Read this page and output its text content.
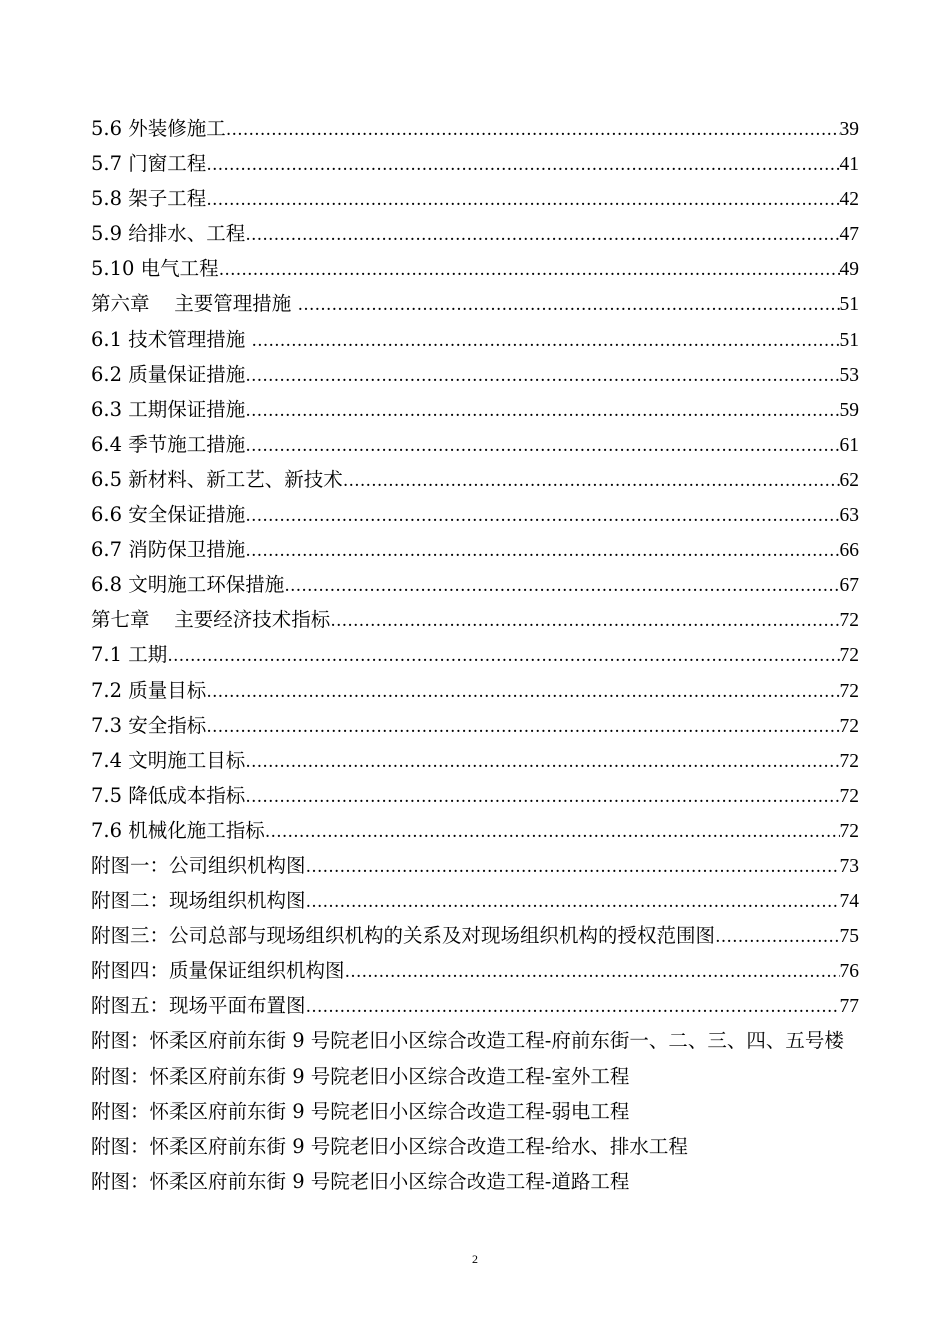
5.6 外装修施工 …………………………………………………………………………………………………………………………………………………………………………………………………………	39
5.7 门窗工程 …………………………………………………………………………………………………………………………………………………………………………………………………………	41
5.8 架子工程 …………………………………………………………………………………………………………………………………………………………………………………………………………	42
5.9 给排水、工程 …………………………………………………………………………………………………………………………………………………………………………………………………………	47
5.10 电气工程 …………………………………………………………………………………………………………………………………………………………………………………………………………	49
第六章    主要管理措施 …………………………………………………………………………………………………………………………………………………………………………………………………………	51
6.1 技术管理措施 …………………………………………………………………………………………………………………………………………………………………………………………………………	51
6.2 质量保证措施 …………………………………………………………………………………………………………………………………………………………………………………………………………	53
6.3 工期保证措施 …………………………………………………………………………………………………………………………………………………………………………………………………………	59
6.4 季节施工措施 …………………………………………………………………………………………………………………………………………………………………………………………………………	61
6.5 新材料、新工艺、新技术 …………………………………………………………………………………………………………………………………………………………………………………………………………	62
6.6 安全保证措施 …………………………………………………………………………………………………………………………………………………………………………………………………………	63
6.7 消防保卫措施 …………………………………………………………………………………………………………………………………………………………………………………………………………	66
6.8 文明施工环保措施 …………………………………………………………………………………………………………………………………………………………………………………………………………	67
第七章    主要经济技术指标 …………………………………………………………………………………………………………………………………………………………………………………………………………	72
7.1 工期 …………………………………………………………………………………………………………………………………………………………………………………………………………	72
7.2 质量目标 …………………………………………………………………………………………………………………………………………………………………………………………………………	72
7.3 安全指标 …………………………………………………………………………………………………………………………………………………………………………………………………………	72
7.4 文明施工目标 …………………………………………………………………………………………………………………………………………………………………………………………………………	72
7.5 降低成本指标 …………………………………………………………………………………………………………………………………………………………………………………………………………	72
7.6 机械化施工指标 …………………………………………………………………………………………………………………………………………………………………………………………………………	72
附图一：公司组织机构图 …………………………………………………………………………………………………………………………………………………………………………………………………………	73
附图二：现场组织机构图 …………………………………………………………………………………………………………………………………………………………………………………………………………	74
附图三：公司总部与现场组织机构的关系及对现场组织机构的授权范围图 …………………………………………………………………………………………………………………………………………………………………………………………………………	75
附图四：质量保证组织机构图 …………………………………………………………………………………………………………………………………………………………………………………………………………	76
附图五：现场平面布置图 …………………………………………………………………………………………………………………………………………………………………………………………………………	77
附图：怀柔区府前东街 9 号院老旧小区综合改造工程-府前东街一、二、三、四、五号楼
附图：怀柔区府前东街 9 号院老旧小区综合改造工程-室外工程
附图：怀柔区府前东街 9 号院老旧小区综合改造工程-弱电工程
附图：怀柔区府前东街 9 号院老旧小区综合改造工程-给水、排水工程
附图：怀柔区府前东街 9 号院老旧小区综合改造工程-道路工程
2
